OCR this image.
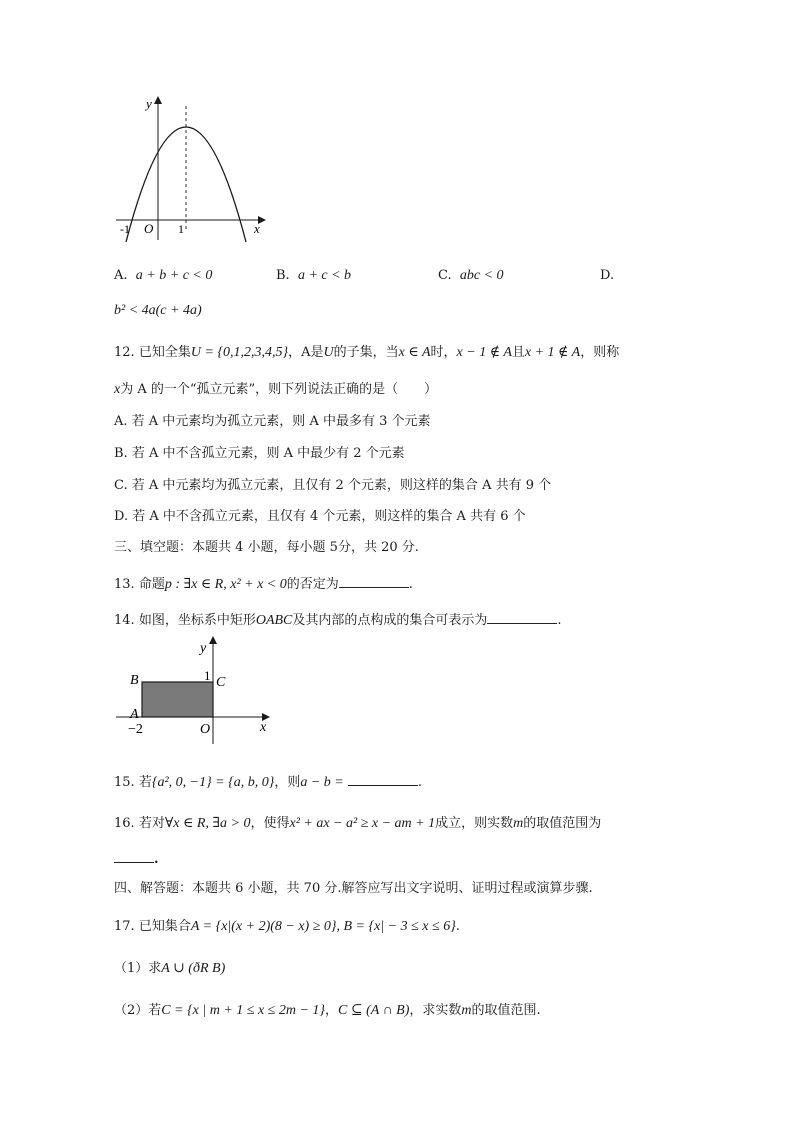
y
x
O
-1	1
A. a + b + c < 0	B. a + c < b	C. abc < 0	D.
b² < 4a(c + 4a)
12. 已知全集U = {0,1,2,3,4,5}，A是U的子集，当x ∈ A时，x − 1 ∉ A且x + 1 ∉ A，则称
x为 A 的一个“孤立元素”，则下列说法正确的是（　　）
A. 若 A 中元素均为孤立元素，则 A 中最多有 3 个元素
B. 若 A 中不含孤立元素，则 A 中最少有 2 个元素
C. 若 A 中元素均为孤立元素，且仅有 2 个元素，则这样的集合 A 共有 9 个
D. 若 A 中不含孤立元素，且仅有 4 个元素，则这样的集合 A 共有 6 个
三、填空题：本题共 4 小题，每小题 5分，共 20 分.
13. 命题p : ∃x ∈ R, x² + x < 0的否定为	.
14. 如图，坐标系中矩形OABC及其内部的点构成的集合可表示为	.
y
x
B	C
A
O
1
−2
15. 若{a², 0, −1} = {a, b, 0}，则a − b =	.
16. 若对∀x ∈ R, ∃a > 0，使得x² + ax − a² ≥ x − am + 1成立，则实数m的取值范围为
.
四、解答题：本题共 6 小题，共 70 分.解答应写出文字说明、证明过程或演算步骤.
17. 已知集合A = {x|(x + 2)(8 − x) ≥ 0}, B = {x| − 3 ≤ x ≤ 6}.
（1）求A ∪ (ðR B)
（2）若C = {x | m + 1 ≤ x ≤ 2m − 1}，C ⊆ (A ∩ B)，求实数m的取值范围.
